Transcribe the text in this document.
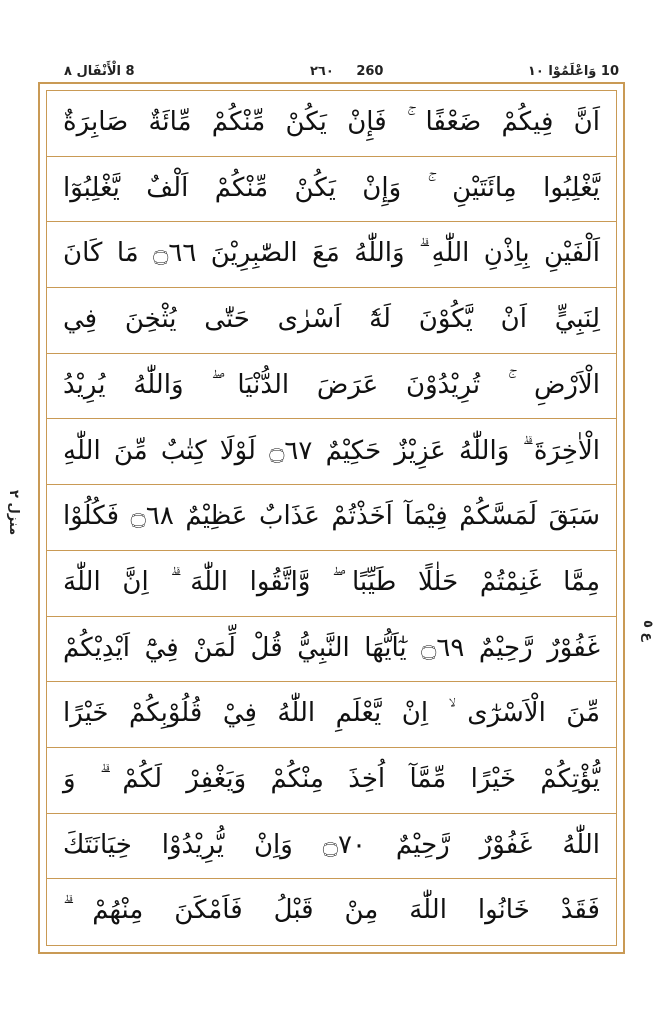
8 الْأَنْفَال ٨	٢٦٠ 260	10 وَاعْلَمُوْا ١٠
منزل ٢
ع ٥
اَنَّ فِيكُمْ ضَعْفًا ۚ فَإِنْ يَكُنْ مِّنْكُمْ مِّائَةٌ صَابِرَةٌ
يَّغْلِبُوا مِائَتَيْنِ ۚ وَإِنْ يَكُنْ مِّنْكُمْ اَلْفٌ يَّغْلِبُوٓا
اَلْفَيْنِ بِاِذْنِ اللّٰهِ ۗ وَاللّٰهُ مَعَ الصّٰبِرِيْنَ ۝٦٦ مَا كَانَ
لِنَبِيٍّ اَنْ يَّكُوْنَ لَهٗٓ اَسْرٰى حَتّٰى يُثْخِنَ فِي
الْاَرْضِ ۚ تُرِيْدُوْنَ عَرَضَ الدُّنْيَا ۖ وَاللّٰهُ يُرِيْدُ
الْاٰخِرَةَ ۗ وَاللّٰهُ عَزِيْزٌ حَكِيْمٌ ۝٦٧ لَوْلَا كِتٰبٌ مِّنَ اللّٰهِ
سَبَقَ لَمَسَّكُمْ فِيْمَآ اَخَذْتُمْ عَذَابٌ عَظِيْمٌ ۝٦٨ فَكُلُوْا
مِمَّا غَنِمْتُمْ حَلٰلًا طَيِّبًا ۖ وَّاتَّقُوا اللّٰهَ ۗ اِنَّ اللّٰهَ
غَفُوْرٌ رَّحِيْمٌ ۝٦٩ يٰٓاَيُّهَا النَّبِيُّ قُلْ لِّمَنْ فِيْٓ اَيْدِيْكُمْ
مِّنَ الْاَسْرٰٓى ۙ اِنْ يَّعْلَمِ اللّٰهُ فِيْ قُلُوْبِكُمْ خَيْرًا
يُّؤْتِكُمْ خَيْرًا مِّمَّآ اُخِذَ مِنْكُمْ وَيَغْفِرْ لَكُمْ ۗ وَ
اللّٰهُ غَفُوْرٌ رَّحِيْمٌ ۝٧٠ وَاِنْ يُّرِيْدُوْا خِيَانَتَكَ
فَقَدْ خَانُوا اللّٰهَ مِنْ قَبْلُ فَاَمْكَنَ مِنْهُمْ ۗ
